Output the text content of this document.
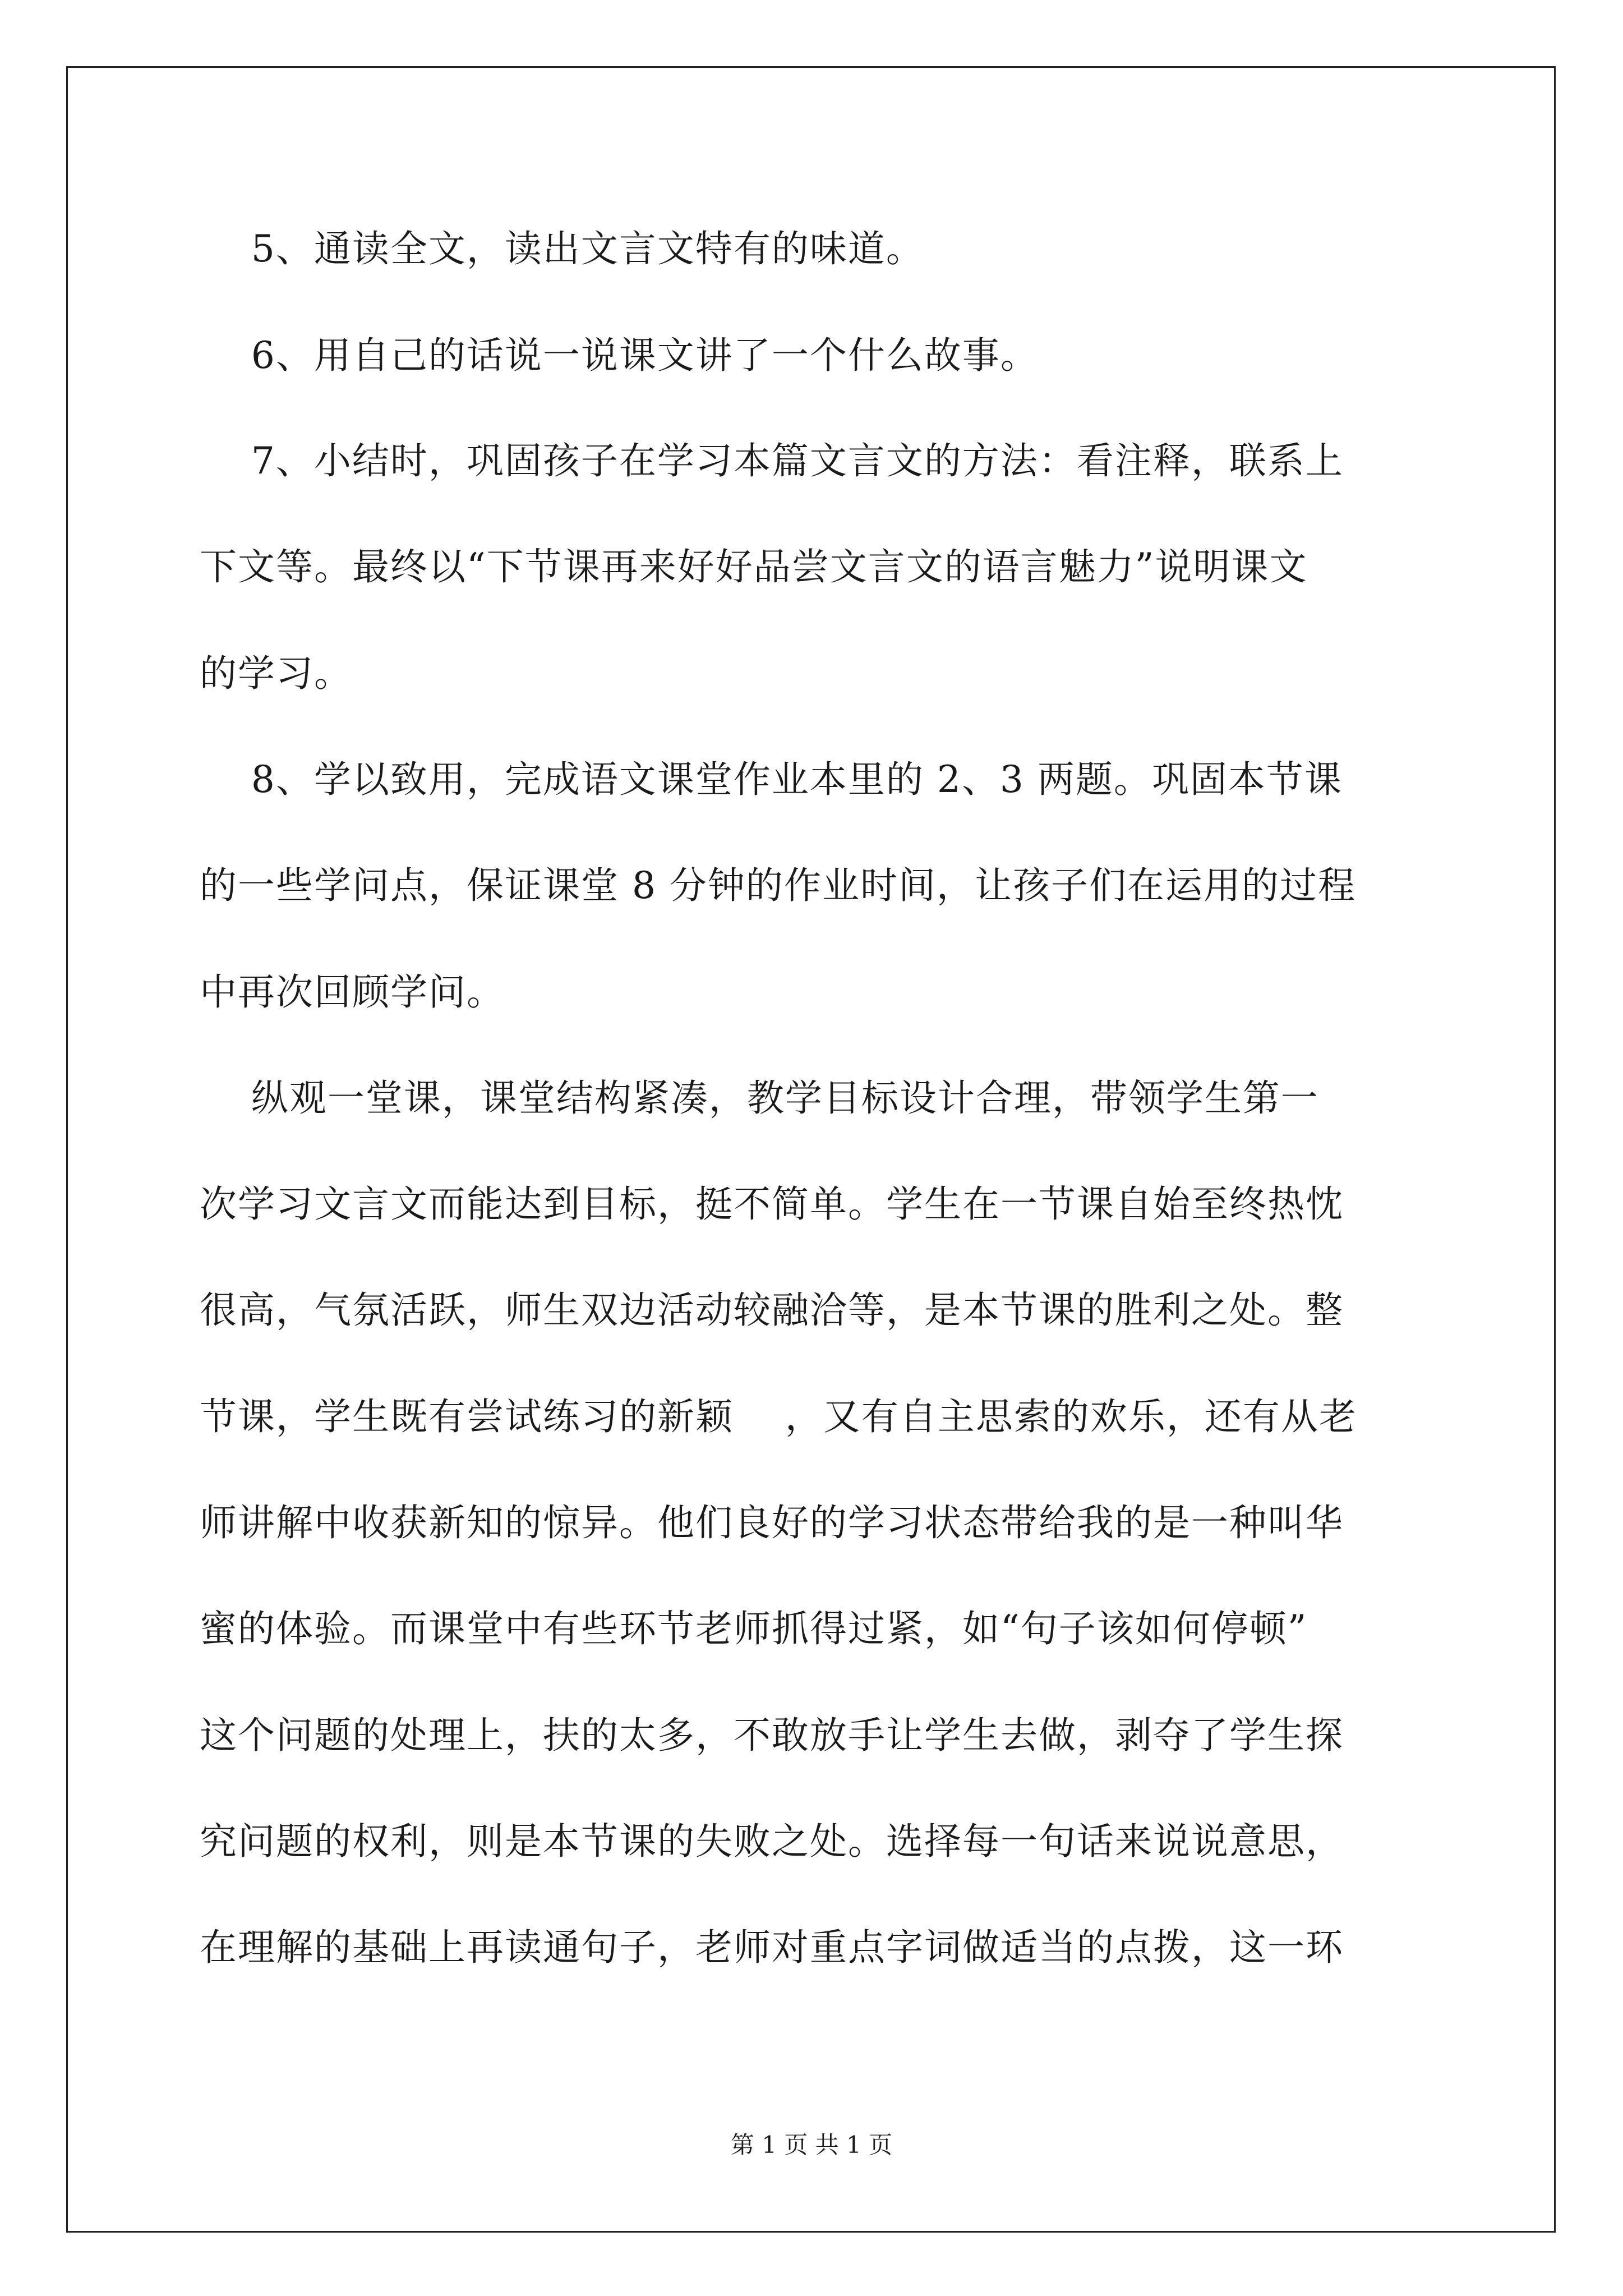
5、通读全文，读出文言文特有的味道。
6、用自己的话说一说课文讲了一个什么故事。
7、小结时，巩固孩子在学习本篇文言文的方法：看注释，联系上
下文等。最终以“下节课再来好好品尝文言文的语言魅力”说明课文
的学习。
8、学以致用，完成语文课堂作业本里的 2、3 两题。巩固本节课
的一些学问点，保证课堂 8 分钟的作业时间，让孩子们在运用的过程
中再次回顾学问。
纵观一堂课，课堂结构紧凑，教学目标设计合理，带领学生第一
次学习文言文而能达到目标，挺不简单。学生在一节课自始至终热忱
很高，气氛活跃，师生双边活动较融洽等，是本节课的胜利之处。整
节课，学生既有尝试练习的新颖    ，又有自主思索的欢乐，还有从老
师讲解中收获新知的惊异。他们良好的学习状态带给我的是一种叫华
蜜的体验。而课堂中有些环节老师抓得过紧，如“句子该如何停顿”
这个问题的处理上，扶的太多，不敢放手让学生去做，剥夺了学生探
究问题的权利，则是本节课的失败之处。选择每一句话来说说意思，
在理解的基础上再读通句子，老师对重点字词做适当的点拨，这一环
第 1 页 共 1 页
